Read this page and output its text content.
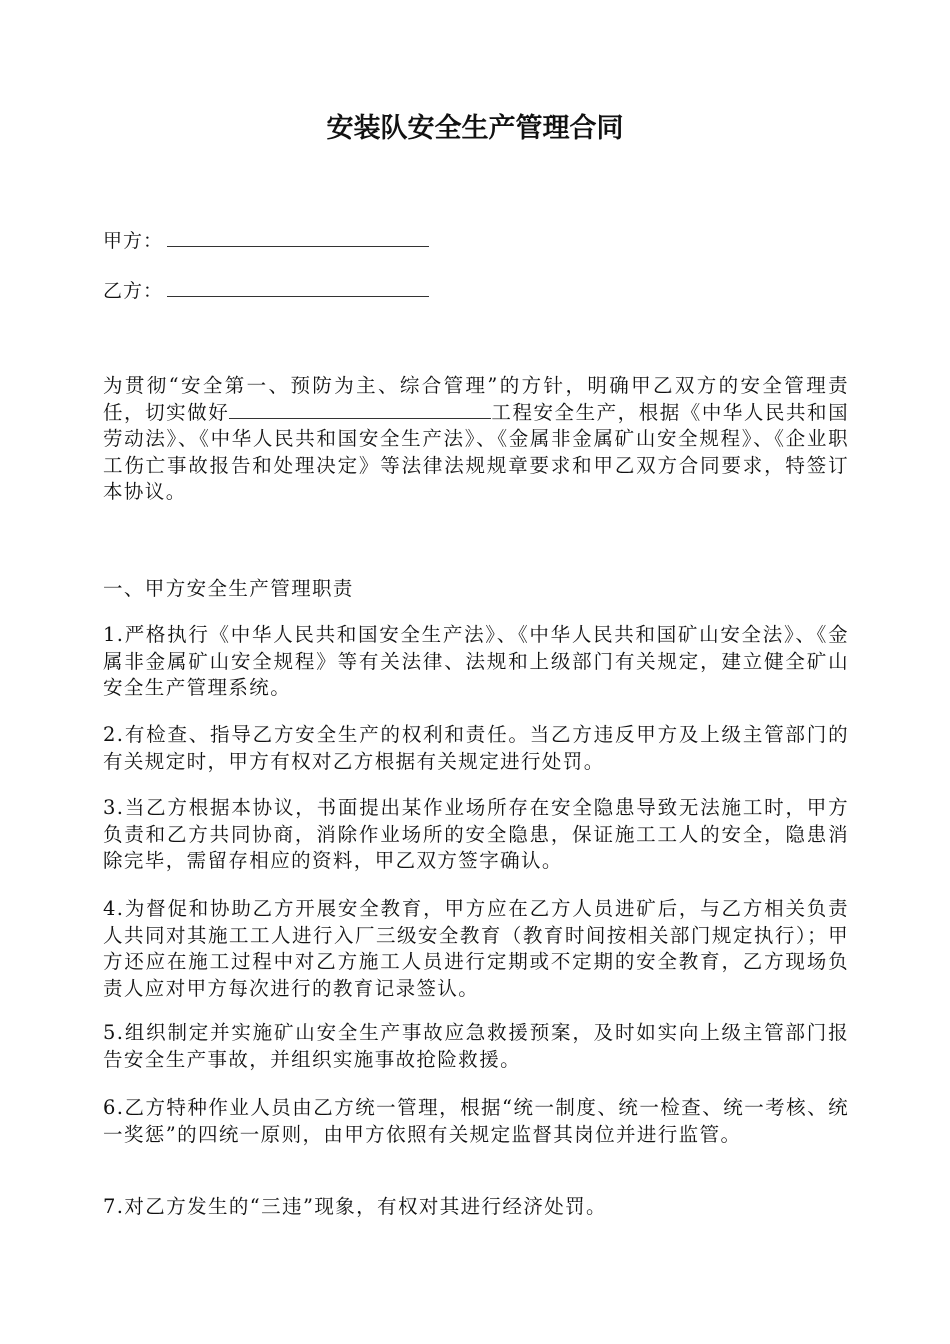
安装队安全生产管理合同
甲方：
乙方：
为贯彻“安全第一、预防为主、综合管理”的方针，明确甲乙双方的安全管理责任，切实做好	工程安全生产，根据《中华人民共和国劳动法》、《中华人民共和国安全生产法》、《金属非金属矿山安全规程》、《企业职工伤亡事故报告和处理决定》等法律法规规章要求和甲乙双方合同要求，特签订本协议。
一、甲方安全生产管理职责
1.严格执行《中华人民共和国安全生产法》、《中华人民共和国矿山安全法》、《金属非金属矿山安全规程》等有关法律、法规和上级部门有关规定，建立健全矿山安全生产管理系统。
2.有检查、指导乙方安全生产的权利和责任。当乙方违反甲方及上级主管部门的有关规定时，甲方有权对乙方根据有关规定进行处罚。
3.当乙方根据本协议，书面提出某作业场所存在安全隐患导致无法施工时，甲方负责和乙方共同协商，消除作业场所的安全隐患，保证施工工人的安全，隐患消除完毕，需留存相应的资料，甲乙双方签字确认。
4.为督促和协助乙方开展安全教育，甲方应在乙方人员进矿后，与乙方相关负责人共同对其施工工人进行入厂三级安全教育（教育时间按相关部门规定执行）；甲方还应在施工过程中对乙方施工人员进行定期或不定期的安全教育，乙方现场负责人应对甲方每次进行的教育记录签认。
5.组织制定并实施矿山安全生产事故应急救援预案，及时如实向上级主管部门报告安全生产事故，并组织实施事故抢险救援。
6.乙方特种作业人员由乙方统一管理，根据“统一制度、统一检查、统一考核、统一奖惩”的四统一原则，由甲方依照有关规定监督其岗位并进行监管。
7.对乙方发生的“三违”现象，有权对其进行经济处罚。
